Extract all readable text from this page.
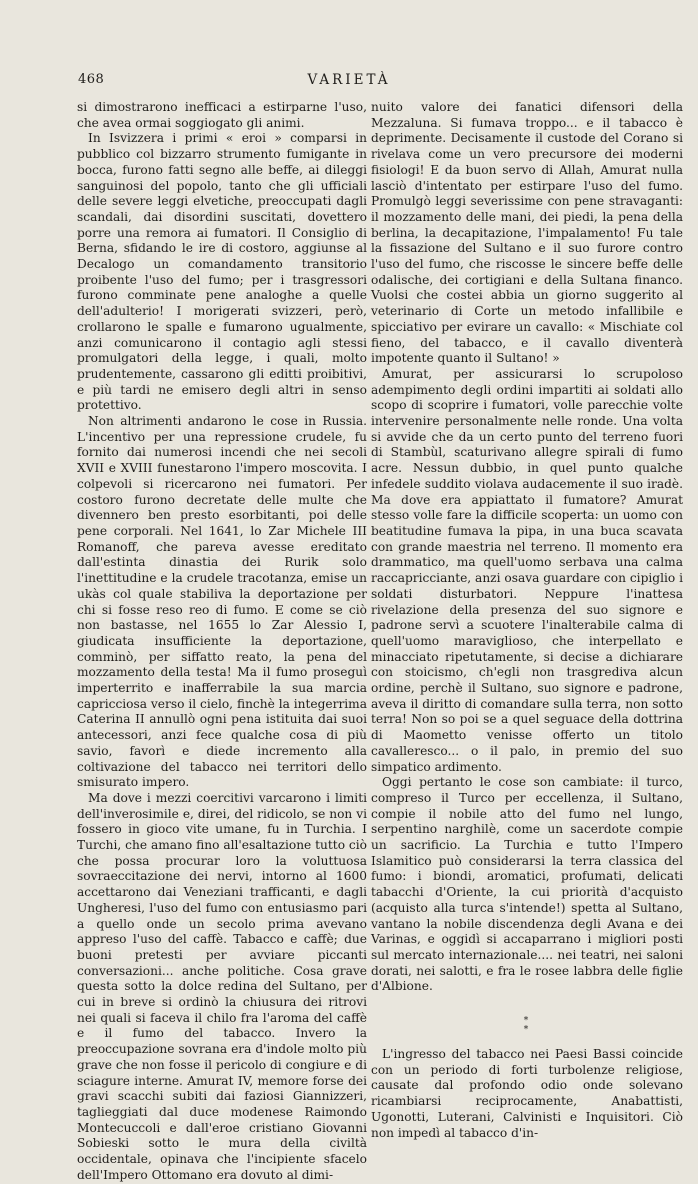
468	VARIETÀ

si dimostrarono inefficaci a estirparne l'uso, che avea ormai soggiogato gli animi.

In Isvizzera i primi « eroi » comparsi in pubblico col bizzarro strumento fumigante in bocca, furono fatti segno alle beffe, ai dileggi sanguinosi del popolo, tanto che gli ufficiali delle severe leggi elvetiche, preoccupati dagli scandali, dai disordini suscitati, dovettero porre una remora ai fumatori. Il Consiglio di Berna, sfidando le ire di costoro, aggiunse al Decalogo un comandamento transitorio proibente l'uso del fumo; per i trasgressori furono comminate pene analoghe a quelle dell'adulterio! I morigerati svizzeri, però, crollarono le spalle e fumarono ugualmente, anzi comunicarono il contagio agli stessi promulgatori della legge, i quali, molto prudentemente, cassarono gli editti proibitivi, e più tardi ne emisero degli altri in senso protettivo.

Non altrimenti andarono le cose in Russia. L'incentivo per una repressione crudele, fu fornito dai numerosi incendi che nei secoli XVII e XVIII funestarono l'impero moscovita. I colpevoli si ricercarono nei fumatori. Per costoro furono decretate delle multe che divennero ben presto esorbitanti, poi delle pene corporali. Nel 1641, lo Zar Michele III Romanoff, che pareva avesse ereditato dall'estinta dinastia dei Rurik solo l'inettitudine e la crudele tracotanza, emise un ukàs col quale stabiliva la deportazione per chi si fosse reso reo di fumo. E come se ciò non bastasse, nel 1655 lo Zar Alessio I, giudicata insufficiente la deportazione, comminò, per siffatto reato, la pena del mozzamento della testa! Ma il fumo proseguì imperterrito e inafferrabile la sua marcia capricciosa verso il cielo, finchè la integerrima Caterina II annullò ogni pena istituita dai suoi antecessori, anzi fece qualche cosa di più savio, favorì e diede incremento alla coltivazione del tabacco nei territori dello smisurato impero.

Ma dove i mezzi coercitivi varcarono i limiti dell'inverosimile e, direi, del ridicolo, se non vi fossero in gioco vite umane, fu in Turchia. I Turchi, che amano fino all'esaltazione tutto ciò che possa procurar loro la voluttuosa sovraeccitazione dei nervi, intorno al 1600 accettarono dai Veneziani trafficanti, e dagli Ungheresi, l'uso del fumo con entusiasmo pari a quello onde un secolo prima avevano appreso l'uso del caffè. Tabacco e caffè; due buoni pretesti per avviare piccanti conversazioni... anche politiche. Cosa grave questa sotto la dolce redina del Sultano, per cui in breve si ordinò la chiusura dei ritrovi nei quali si faceva il chilo fra l'aroma del caffè e il fumo del tabacco. Invero la preoccupazione sovrana era d'indole molto più grave che non fosse il pericolo di congiure e di sciagure interne. Amurat IV, memore forse dei gravi scacchi subiti dai faziosi Giannizzeri, taglieggiati dal duce modenese Raimondo Montecuccoli e dall'eroe cristiano Giovanni Sobieski sotto le mura della civiltà occidentale, opinava che l'incipiente sfacelo dell'Impero Ottomano era dovuto al dimi-

nuito valore dei fanatici difensori della Mezzaluna. Si fumava troppo... e il tabacco è deprimente. Decisamente il custode del Corano si rivelava come un vero precursore dei moderni fisiologi! E da buon servo di Allah, Amurat nulla lasciò d'intentato per estirpare l'uso del fumo. Promulgò leggi severissime con pene stravaganti: il mozzamento delle mani, dei piedi, la pena della berlina, la decapitazione, l'impalamento! Fu tale la fissazione del Sultano e il suo furore contro l'uso del fumo, che riscosse le sincere beffe delle odalische, dei cortigiani e della Sultana financo. Vuolsi che costei abbia un giorno suggerito al veterinario di Corte un metodo infallibile e spicciativo per evirare un cavallo: « Mischiate col fieno, del tabacco, e il cavallo diventerà impotente quanto il Sultano! »

Amurat, per assicurarsi lo scrupoloso adempimento degli ordini impartiti ai soldati allo scopo di scoprire i fumatori, volle parecchie volte intervenire personalmente nelle ronde. Una volta si avvide che da un certo punto del terreno fuori di Stambùl, scaturivano allegre spirali di fumo acre. Nessun dubbio, in quel punto qualche infedele suddito violava audacemente il suo iradè. Ma dove era appiattato il fumatore? Amurat stesso volle fare la difficile scoperta: un uomo con beatitudine fumava la pipa, in una buca scavata con grande maestria nel terreno. Il momento era drammatico, ma quell'uomo serbava una calma raccapricciante, anzi osava guardare con cipiglio i soldati disturbatori. Neppure l'inattesa rivelazione della presenza del suo signore e padrone servì a scuotere l'inalterabile calma di quell'uomo maraviglioso, che interpellato e minacciato ripetutamente, si decise a dichiarare con stoicismo, ch'egli non trasgrediva alcun ordine, perchè il Sultano, suo signore e padrone, aveva il diritto di comandare sulla terra, non sotto terra! Non so poi se a quel seguace della dottrina di Maometto venisse offerto un titolo cavalleresco... o il palo, in premio del suo simpatico ardimento.

Oggi pertanto le cose son cambiate: il turco, compreso il Turco per eccellenza, il Sultano, compie il nobile atto del fumo nel lungo, serpentino narghilè, come un sacerdote compie un sacrificio. La Turchia e tutto l'Impero Islamitico può considerarsi la terra classica del fumo: i biondi, aromatici, profumati, delicati tabacchi d'Oriente, la cui priorità d'acquisto (acquisto alla turca s'intende!) spetta al Sultano, vantano la nobile discendenza degli Avana e dei Varinas, e oggidì si accaparrano i migliori posti sul mercato internazionale.... nei teatri, nei saloni dorati, nei salotti, e fra le rosee labbra delle figlie d'Albione.

*
*

L'ingresso del tabacco nei Paesi Bassi coincide con un periodo di forti turbolenze religiose, causate dal profondo odio onde solevano ricambiarsi reciprocamente, Anabattisti, Ugonotti, Luterani, Calvinisti e Inquisitori. Ciò non impedì al tabacco d'in-
